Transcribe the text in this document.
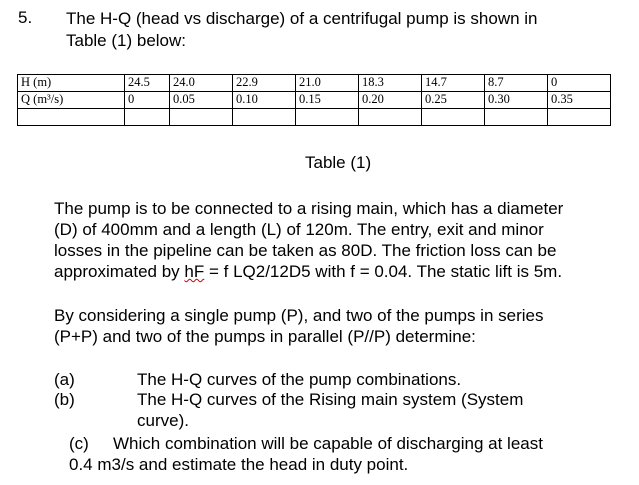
5. The H-Q (head vs discharge) of a centrifugal pump is shown in
Table (1) below:
H (m)	24.5	24.0	22.9	21.0	18.3	14.7	8.7	0
Q (m³/s)	0	0.05	0.10	0.15	0.20	0.25	0.30	0.35

Table (1)
The pump is to be connected to a rising main, which has a diameter
(D) of 400mm and a length (L) of 120m. The entry, exit and minor
losses in the pipeline can be taken as 80D. The friction loss can be
approximated by hF = f LQ2/12D5 with f = 0.04. The static lift is 5m.
By considering a single pump (P), and two of the pumps in series
(P+P) and two of the pumps in parallel (P//P) determine:
(a)	The H-Q curves of the pump combinations.
(b)	The H-Q curves of the Rising main system (System
curve).
(c) Which combination will be capable of discharging at least
0.4 m3/s and estimate the head in duty point.
